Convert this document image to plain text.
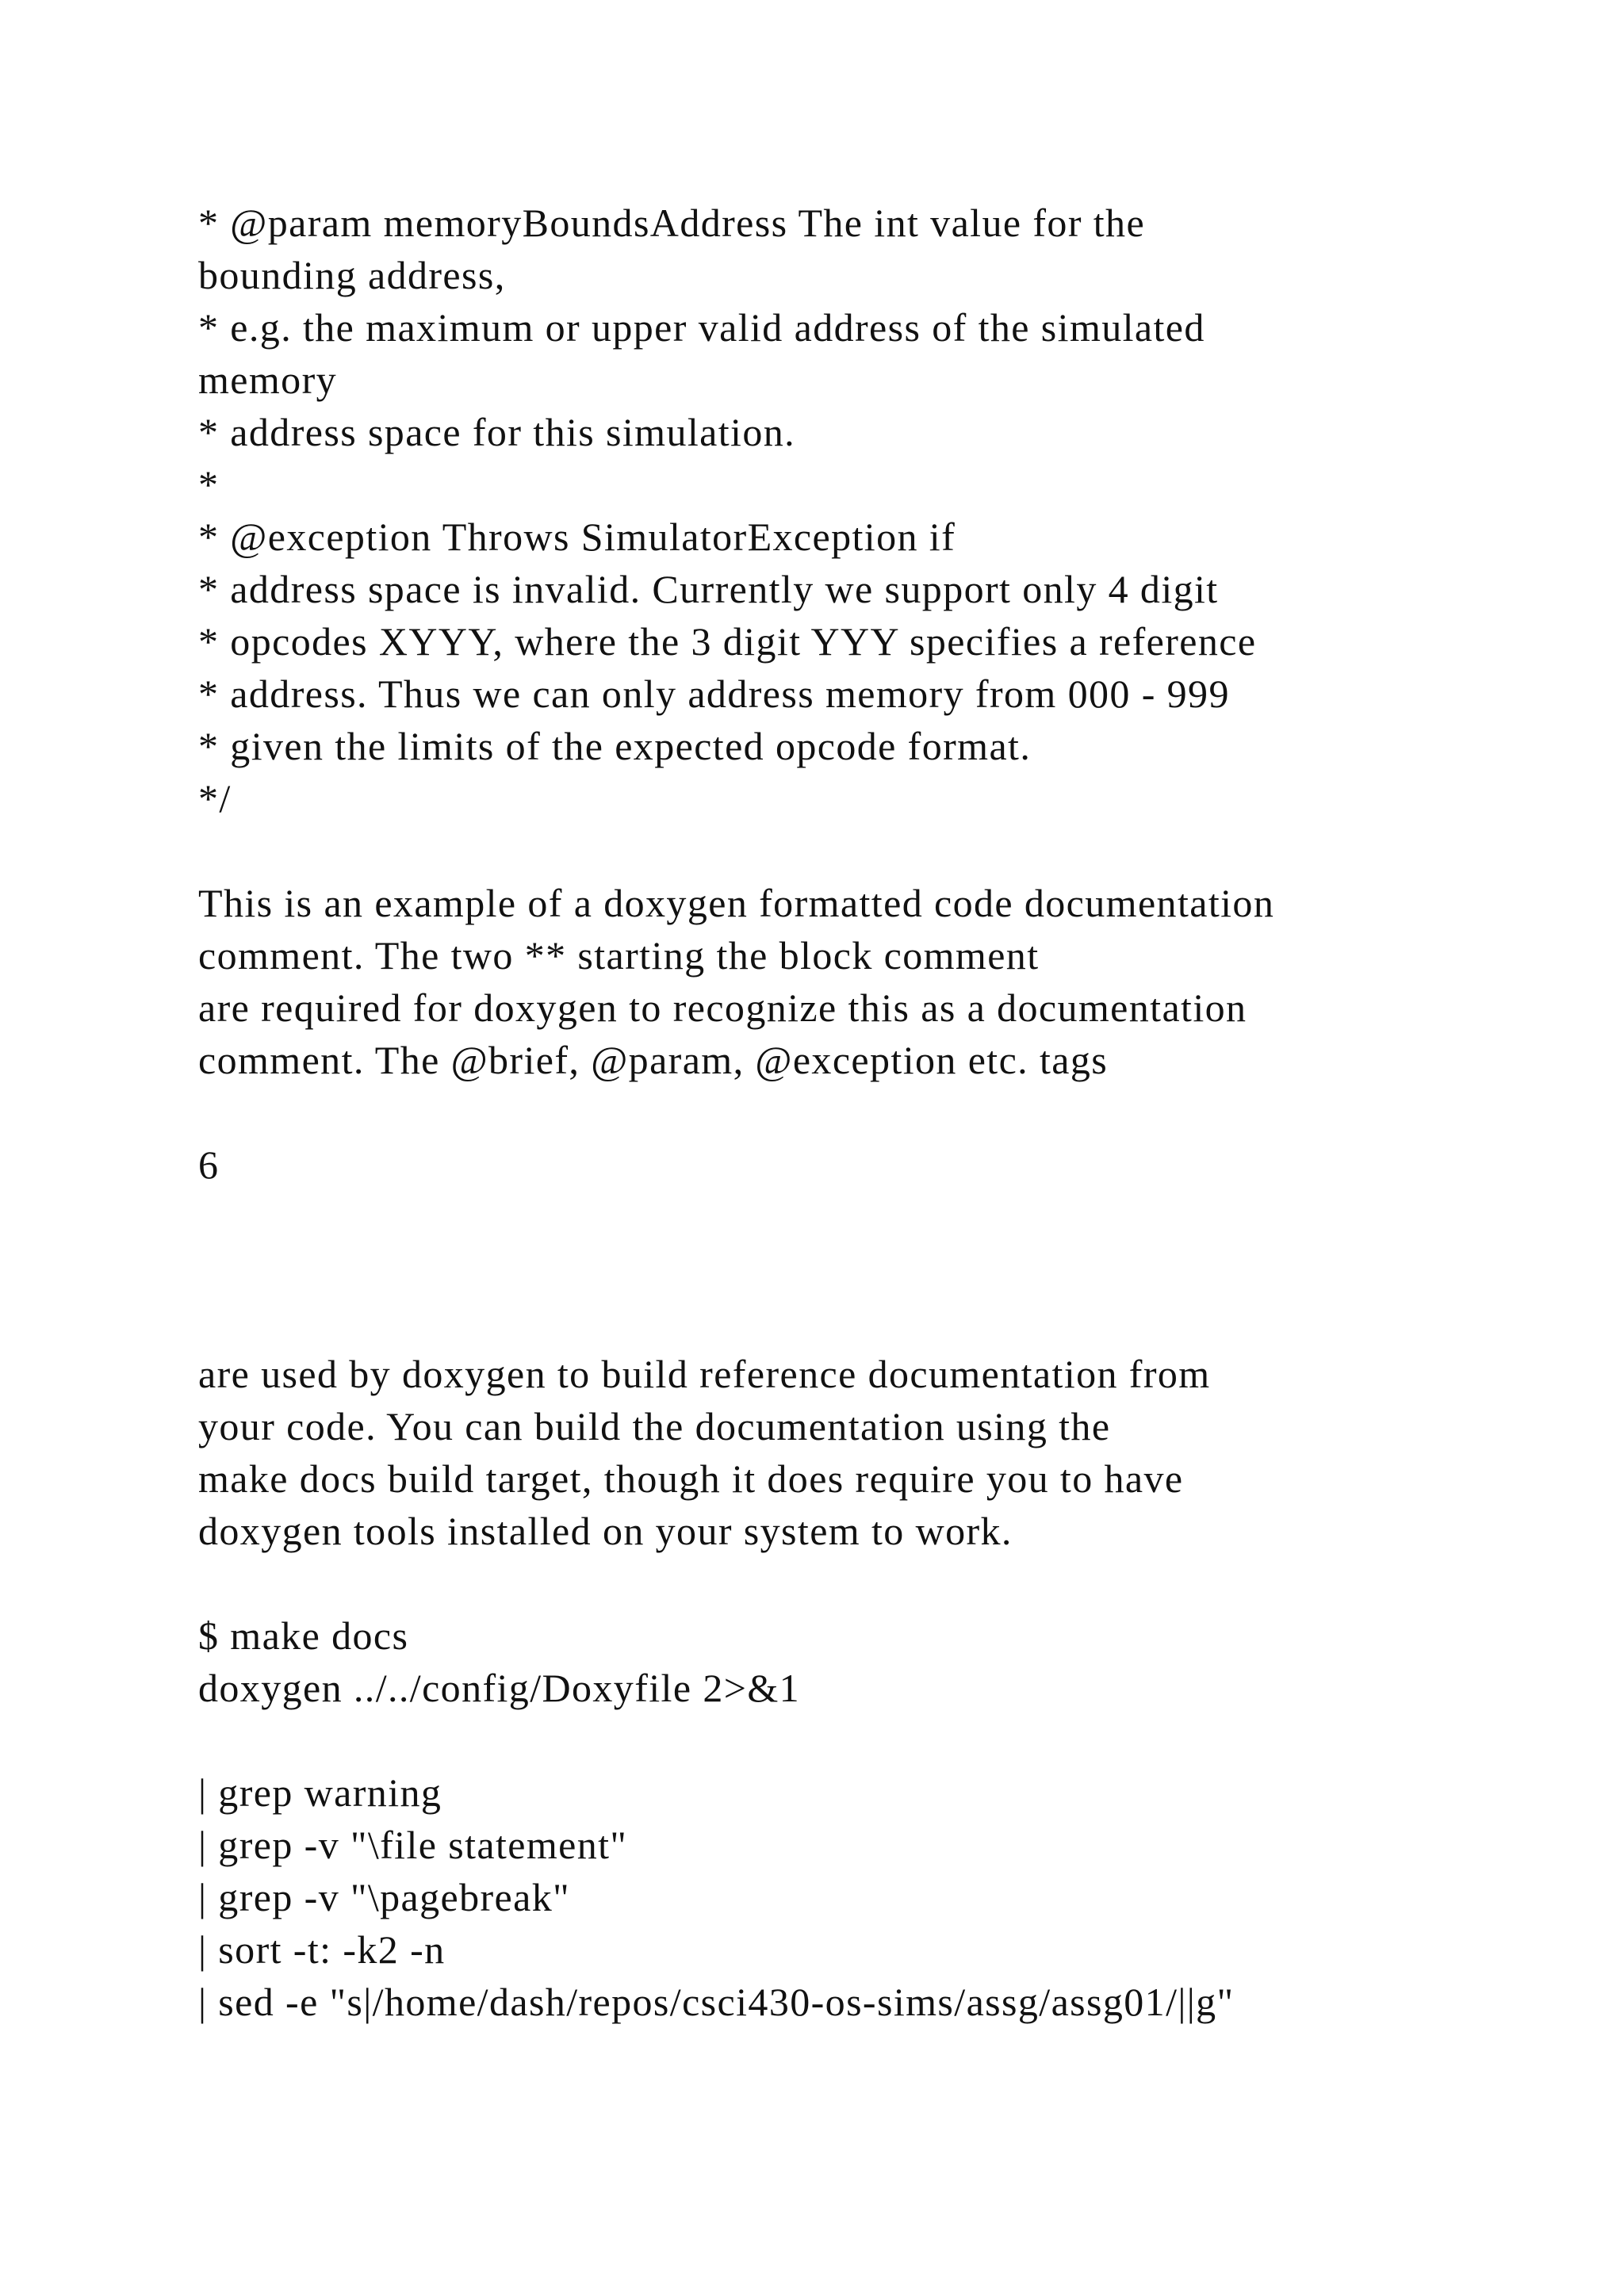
* @param memoryBoundsAddress The int value for the
bounding address,
* e.g. the maximum or upper valid address of the simulated
memory
* address space for this simulation.
*
* @exception Throws SimulatorException if
* address space is invalid. Currently we support only 4 digit
* opcodes XYYY, where the 3 digit YYY specifies a reference
* address. Thus we can only address memory from 000 - 999
* given the limits of the expected opcode format.
*/
This is an example of a doxygen formatted code documentation
comment. The two ** starting the block comment
are required for doxygen to recognize this as a documentation
comment. The @brief, @param, @exception etc. tags
6
are used by doxygen to build reference documentation from
your code. You can build the documentation using the
make docs build target, though it does require you to have
doxygen tools installed on your system to work.
$ make docs
doxygen ../../config/Doxyfile 2>&1
| grep warning
| grep -v "\file statement"
| grep -v "\pagebreak"
| sort -t: -k2 -n
| sed -e "s|/home/dash/repos/csci430-os-sims/assg/assg01/||g"
